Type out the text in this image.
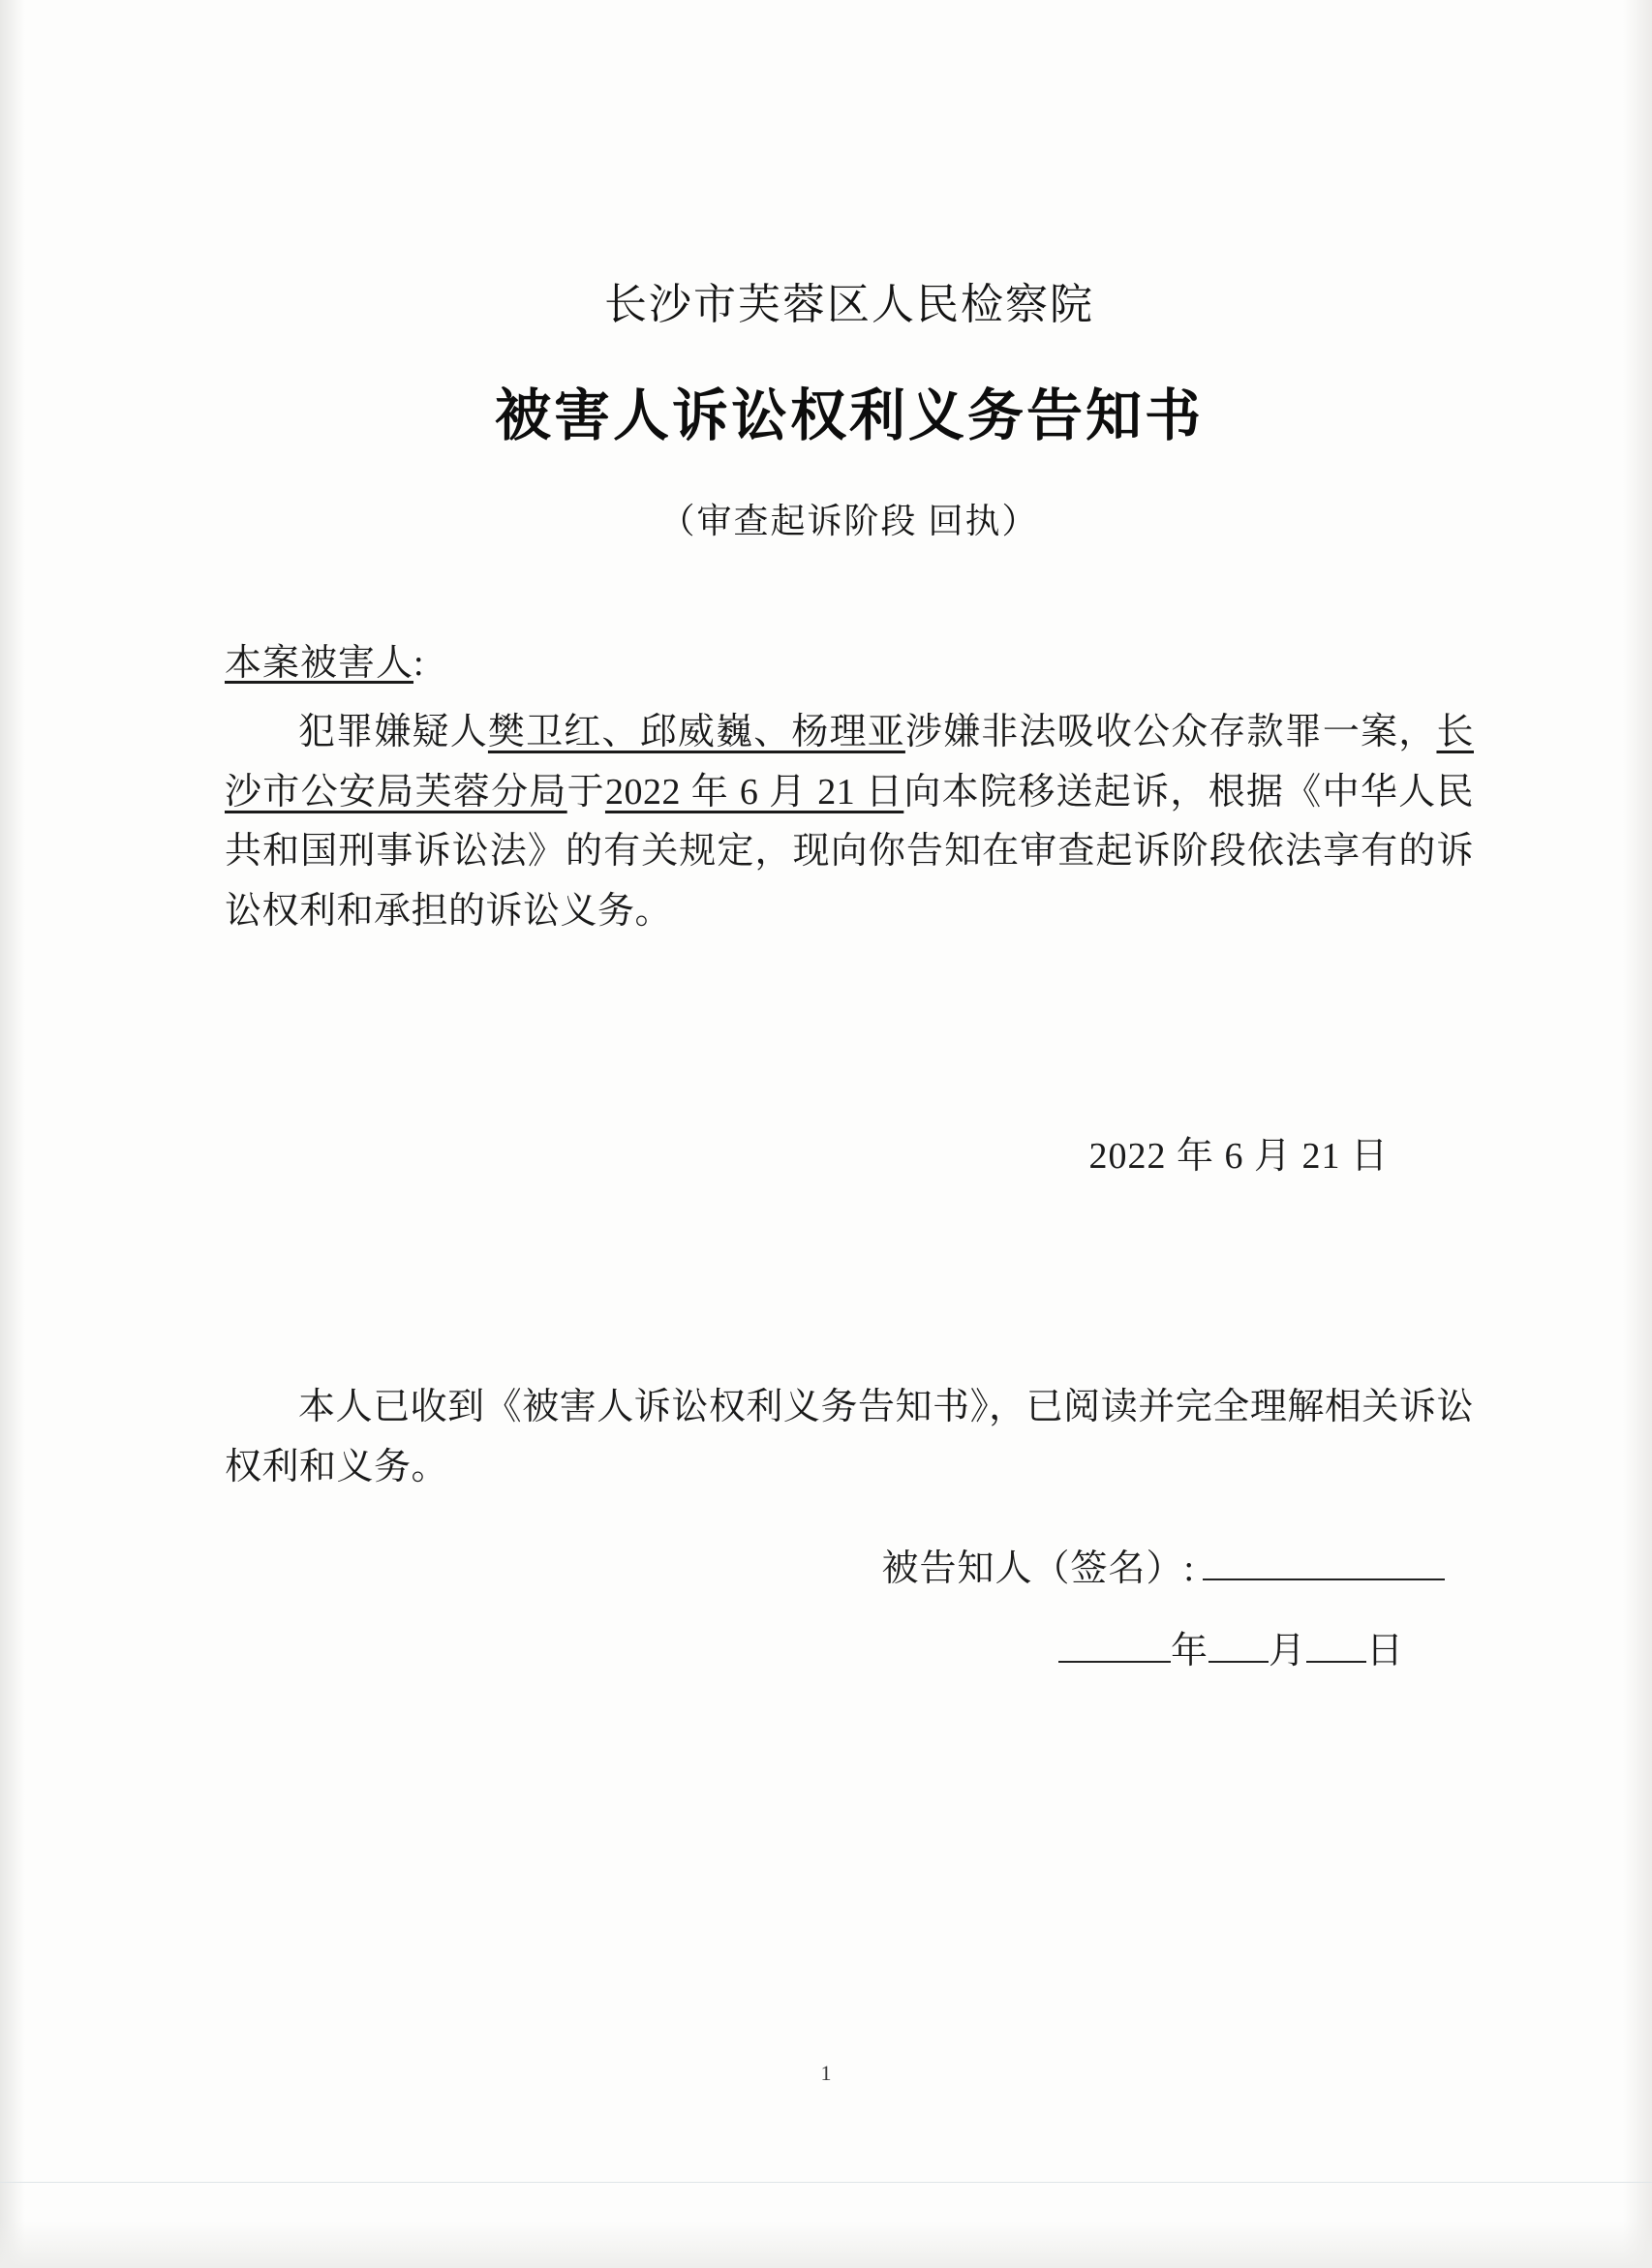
长沙市芙蓉区人民检察院
被害人诉讼权利义务告知书
（审查起诉阶段 回执）
本案被害人:
犯罪嫌疑人樊卫红、邱威巍、杨理亚涉嫌非法吸收公众存款罪一案，长沙市公安局芙蓉分局于2022 年 6 月 21 日向本院移送起诉，根据《中华人民共和国刑事诉讼法》的有关规定，现向你告知在审查起诉阶段依法享有的诉讼权利和承担的诉讼义务。
2022 年 6 月 21 日
本人已收到《被害人诉讼权利义务告知书》，已阅读并完全理解相关诉讼权利和义务。
被告知人（签名）:
年 月 日
1
